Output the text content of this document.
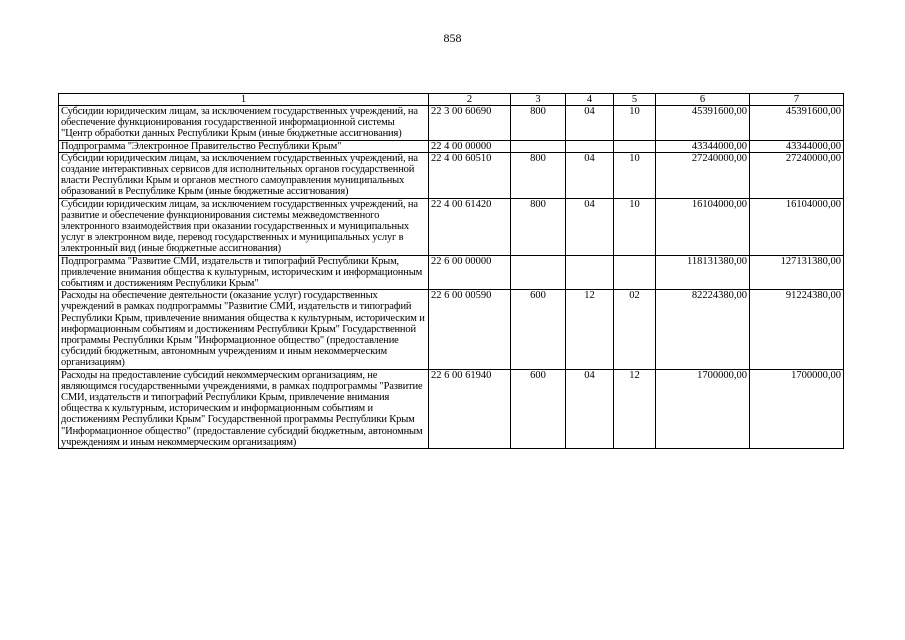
858
1	2	3	4	5	6	7
Субсидии юридическим лицам, за исключением государственных учреждений, на обеспечение функционирования государственной информационной системы "Центр обработки данных Республики Крым (иные бюджетные ассигнования)	22 3 00 60690	800	04	10	45391600,00	45391600,00
Подпрограмма "Электронное Правительство Республики Крым"	22 4 00 00000				43344000,00	43344000,00
Субсидии юридическим лицам, за исключением государственных учреждений, на создание интерактивных сервисов для исполнительных органов государственной власти Республики Крым и органов местного самоуправления муниципальных образований в Республике Крым (иные бюджетные ассигнования)	22 4 00 60510	800	04	10	27240000,00	27240000,00
Субсидии юридическим лицам, за исключением государственных учреждений, на развитие и обеспечение функционирования системы межведомственного электронного взаимодействия при оказании государственных и муниципальных услуг в электронном виде, перевод государственных и муниципальных услуг в электронный вид (иные бюджетные ассигнования)	22 4 00 61420	800	04	10	16104000,00	16104000,00
Подпрограмма "Развитие СМИ, издательств и типографий Республики Крым, привлечение внимания общества к культурным, историческим и информационным событиям и достижениям Республики Крым"	22 6 00 00000				118131380,00	127131380,00
Расходы на обеспечение деятельности (оказание услуг) государственных учреждений в рамках подпрограммы "Развитие СМИ, издательств и типографий Республики Крым, привлечение внимания общества к культурным, историческим и информационным событиям и достижениям Республики Крым" Государственной программы Республики Крым "Информационное общество" (предоставление субсидий бюджетным, автономным учреждениям и иным некоммерческим организациям)	22 6 00 00590	600	12	02	82224380,00	91224380,00
Расходы на предоставление субсидий некоммерческим организациям, не являющимся государственными учреждениями, в рамках подпрограммы "Развитие СМИ, издательств и типографий Республики Крым, привлечение внимания общества к культурным, историческим и информационным событиям и достижениям Республики Крым" Государственной программы Республики Крым "Информационное общество" (предоставление субсидий бюджетным, автономным учреждениям и иным некоммерческим организациям)	22 6 00 61940	600	04	12	1700000,00	1700000,00
